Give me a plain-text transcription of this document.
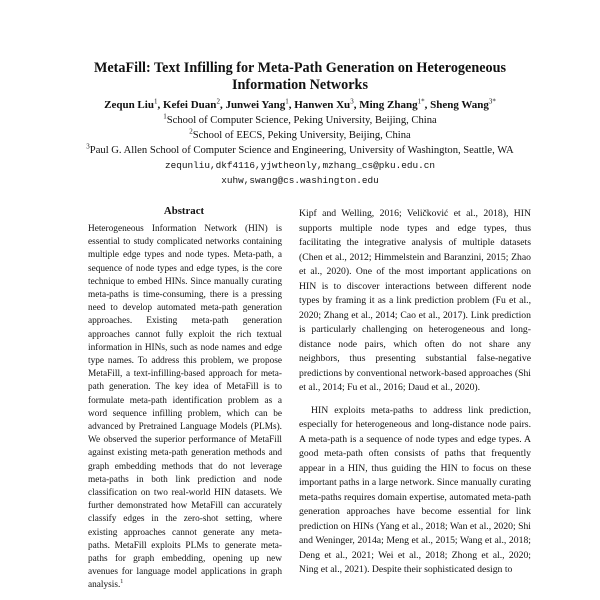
MetaFill: Text Infilling for Meta-Path Generation on Heterogeneous
Information Networks
Zequn Liu$^1$, Kefei Duan$^2$, Junwei Yang$^1$, Hanwen Xu$^3$, Ming Zhang$^{1*}$, Sheng Wang$^{3*}$
$^1$School of Computer Science, Peking University, Beijing, China
$^2$School of EECS, Peking University, Beijing, China
$^3$Paul G. Allen School of Computer Science and Engineering, University of Washington, Seattle, WA
zequnliu,dkf4116,yjwtheonly,mzhang_cs@pku.edu.cn
xuhw,swang@cs.washington.edu
Abstract
Heterogeneous Information Network (HIN) is essential to study complicated networks containing multiple edge types and node types. Meta-path, a sequence of node types and edge types, is the core technique to embed HINs. Since manually curating meta-paths is time-consuming, there is a pressing need to develop automated meta-path generation approaches. Existing meta-path generation approaches cannot fully exploit the rich textual information in HINs, such as node names and edge type names. To address this problem, we propose MetaFill, a text-infilling-based approach for meta-path generation. The key idea of MetaFill is to formulate meta-path identification problem as a word sequence infilling problem, which can be advanced by Pretrained Language Models (PLMs). We observed the superior performance of MetaFill against existing meta-path generation methods and graph embedding methods that do not leverage meta-paths in both link prediction and node classification on two real-world HIN datasets. We further demonstrated how MetaFill can accurately classify edges in the zero-shot setting, where existing approaches cannot generate any meta-paths. MetaFill exploits PLMs to generate meta-paths for graph embedding, opening up new avenues for language model applications in graph analysis.$^1$

Kipf and Welling, 2016; Veličković et al., 2018), HIN supports multiple node types and edge types, thus facilitating the integrative analysis of multiple datasets (Chen et al., 2012; Himmelstein and Baranzini, 2015; Zhao et al., 2020). One of the most important applications on HIN is to discover interactions between different node types by framing it as a link prediction problem (Fu et al., 2020; Zhang et al., 2014; Cao et al., 2017). Link prediction is particularly challenging on heterogeneous and long-distance node pairs, which often do not share any neighbors, thus presenting substantial false-negative predictions by conventional network-based approaches (Shi et al., 2014; Fu et al., 2016; Daud et al., 2020).

HIN exploits meta-paths to address link prediction, especially for heterogeneous and long-distance node pairs. A meta-path is a sequence of node types and edge types. A good meta-path often consists of paths that frequently appear in a HIN, thus guiding the HIN to focus on these important paths in a large network. Since manually curating meta-paths requires domain expertise, automated meta-path generation approaches have become essential for link prediction on HINs (Yang et al., 2018; Wan et al., 2020; Shi and Weninger, 2014a; Meng et al., 2015; Wang et al., 2018; Deng et al., 2021; Wei et al., 2018; Zhong et al., 2020; Ning et al., 2021). Despite their sophisticated design to
